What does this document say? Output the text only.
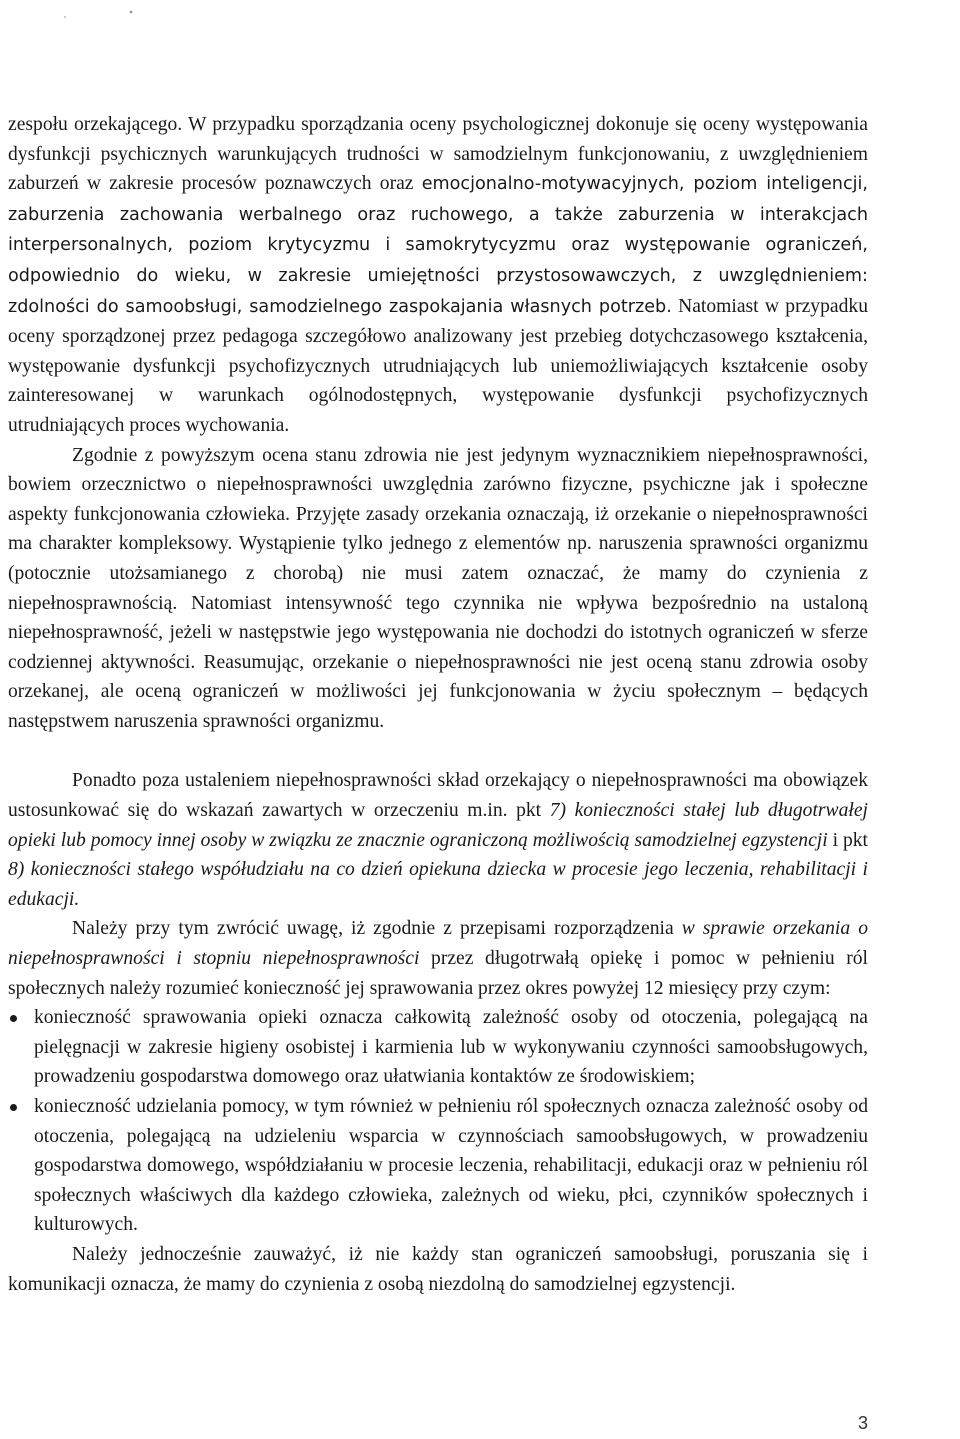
zespołu orzekającego. W przypadku sporządzania oceny psychologicznej dokonuje się oceny występowania dysfunkcji psychicznych warunkujących trudności w samodzielnym funkcjonowaniu, z uwzględnieniem zaburzeń w zakresie procesów poznawczych oraz emocjonalno-motywacyjnych, poziom inteligencji, zaburzenia zachowania werbalnego oraz ruchowego, a także zaburzenia w interakcjach interpersonalnych, poziom krytycyzmu i samokrytycyzmu oraz występowanie ograniczeń, odpowiednio do wieku, w zakresie umiejętności przystosowawczych, z uwzględnieniem: zdolności do samoobsługi, samodzielnego zaspokajania własnych potrzeb. Natomiast w przypadku oceny sporządzonej przez pedagoga szczegółowo analizowany jest przebieg dotychczasowego kształcenia, występowanie dysfunkcji psychofizycznych utrudniających lub uniemożliwiających kształcenie osoby zainteresowanej w warunkach ogólnodostępnych, występowanie dysfunkcji psychofizycznych utrudniających proces wychowania.

Zgodnie z powyższym ocena stanu zdrowia nie jest jedynym wyznacznikiem niepełnosprawności, bowiem orzecznictwo o niepełnosprawności uwzględnia zarówno fizyczne, psychiczne jak i społeczne aspekty funkcjonowania człowieka. Przyjęte zasady orzekania oznaczają, iż orzekanie o niepełnosprawności ma charakter kompleksowy. Wystąpienie tylko jednego z elementów np. naruszenia sprawności organizmu (potocznie utożsamianego z chorobą) nie musi zatem oznaczać, że mamy do czynienia z niepełnosprawnością. Natomiast intensywność tego czynnika nie wpływa bezpośrednio na ustaloną niepełnosprawność, jeżeli w następstwie jego występowania nie dochodzi do istotnych ograniczeń w sferze codziennej aktywności. Reasumując, orzekanie o niepełnosprawności nie jest oceną stanu zdrowia osoby orzekanej, ale oceną ograniczeń w możliwości jej funkcjonowania w życiu społecznym – będących następstwem naruszenia sprawności organizmu.

Ponadto poza ustaleniem niepełnosprawności skład orzekający o niepełnosprawności ma obowiązek ustosunkować się do wskazań zawartych w orzeczeniu m.in. pkt 7) konieczności stałej lub długotrwałej opieki lub pomocy innej osoby w związku ze znacznie ograniczoną możliwością samodzielnej egzystencji i pkt 8) konieczności stałego współudziału na co dzień opiekuna dziecka w procesie jego leczenia, rehabilitacji i edukacji.

Należy przy tym zwrócić uwagę, iż zgodnie z przepisami rozporządzenia w sprawie orzekania o niepełnosprawności i stopniu niepełnosprawności przez długotrwałą opiekę i pomoc w pełnieniu ról społecznych należy rozumieć konieczność jej sprawowania przez okres powyżej 12 miesięcy przy czym:

konieczność sprawowania opieki oznacza całkowitą zależność osoby od otoczenia, polegającą na pielęgnacji w zakresie higieny osobistej i karmienia lub w wykonywaniu czynności samoobsługowych, prowadzeniu gospodarstwa domowego oraz ułatwiania kontaktów ze środowiskiem;
konieczność udzielania pomocy, w tym również w pełnieniu ról społecznych oznacza zależność osoby od otoczenia, polegającą na udzieleniu wsparcia w czynnościach samoobsługowych, w prowadzeniu gospodarstwa domowego, współdziałaniu w procesie leczenia, rehabilitacji, edukacji oraz w pełnieniu ról społecznych właściwych dla każdego człowieka, zależnych od wieku, płci, czynników społecznych i kulturowych.

Należy jednocześnie zauważyć, iż nie każdy stan ograniczeń samoobsługi, poruszania się i komunikacji oznacza, że mamy do czynienia z osobą niezdolną do samodzielnej egzystencji.

3
